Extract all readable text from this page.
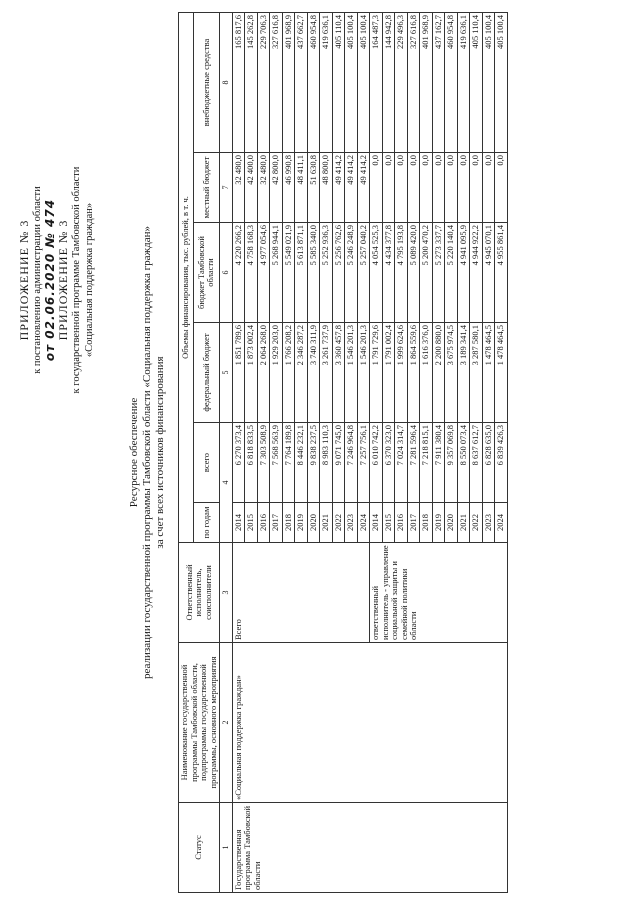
ПРИЛОЖЕНИЕ № 3 к постановлению администрации области от 02.06.2020 № 474 ПРИЛОЖЕНИЕ № 3 к государственной программе Тамбовской области «Социальная поддержка граждан»
Ресурсное обеспечение реализации государственной программы Тамбовской области «Социальная поддержка граждан» за счет всех источников финансирования
Статус	Наименование государственной программы Тамбовской области, подпрограммы государственной программы, основного мероприятия	Ответственный исполнитель, соисполнители	Объемы финансирования, тыс. рублей, в т. ч.					
			по годам	всего	федеральный бюджет	бюджет Тамбовской области	местный бюджет	внебюджетные средства
1	2	3	4		5	6	7	8
Государственная программа Тамбовской области	«Социальная поддержка граждан»	Всего	2014	6 270 373,4	1 851 789,6	4 220 266,2	32 480,0	165 817,6
			2015	6 818 833,5	1 873 002,4	4 758 168,3	42 400,0	145 262,8
			2016	7 303 508,9	2 064 268,0	4 977 054,6	32 480,0	229 706,3
			2017	7 568 563,9	1 929 203,0	5 268 944,1	42 800,0	327 616,8
			2018	7 764 189,8	1 766 208,2	5 549 021,9	46 990,8	401 968,9
			2019	8 446 232,1	2 346 287,2	5 613 871,1	48 411,1	437 662,7
			2020	9 838 237,5	3 740 311,9	5 585 340,0	51 630,8	460 954,8
			2021	8 983 110,3	3 261 737,9	5 252 936,3	48 800,0	419 636,1
			2022	9 071 745,0	3 360 457,8	5 256 762,6	49 414,2	405 110,4
			2023	7 246 964,8	1 546 201,3	5 246 248,9	49 414,2	405 100,4
			2024	7 257 756,1	1 546 201,3	5 257 040,2	49 414,2	405 100,4
		ответственный исполнитель - управление социальной защиты и семейной политики области	2014	6 010 742,2	1 791 729,6	4 054 525,3	0,0	164 487,3
			2015	6 370 323,0	1 791 002,4	4 434 377,8	0,0	144 942,8
			2016	7 024 314,7	1 999 624,6	4 795 193,8	0,0	229 496,3
			2017	7 281 596,4	1 864 559,6	5 089 420,0	0,0	327 616,8
			2018	7 218 815,1	1 616 376,0	5 200 470,2	0,0	401 968,9
			2019	7 911 380,4	2 200 880,0	5 273 337,7	0,0	437 162,7
			2020	9 357 069,8	3 675 974,5	5 220 140,4	0,0	460 954,8
			2021	8 550 073,4	3 189 341,4	4 941 095,9	0,0	419 636,1
			2022	8 637 612,7	3 287 580,1	4 944 922,2	0,0	405 110,4
			2023	6 828 635,0	1 478 464,5	4 945 070,1	0,0	405 100,4
			2024	6 839 426,3	1 478 464,5	4 955 861,4	0,0	405 100,4
